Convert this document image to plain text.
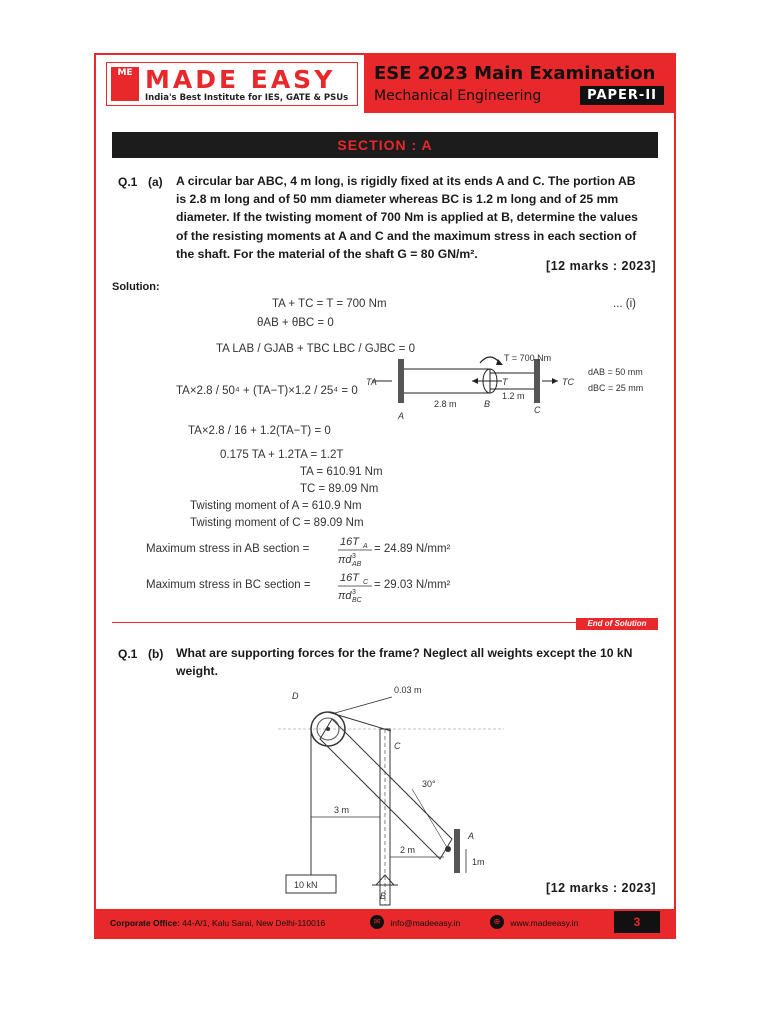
ME MADE EASY
India's Best Institute for IES, GATE & PSUs
ESE 2023 Main Examination
Mechanical Engineering	PAPER-II
SECTION : A
Q.1 (a) A circular bar ABC, 4 m long, is rigidly fixed at its ends A and C. The portion AB
is 2.8 m long and of 50 mm diameter whereas BC is 1.2 m long and of 25 mm
diameter. If the twisting moment of 700 Nm is applied at B, determine the values
of the resisting moments at A and C and the maximum stress in each section of
the shaft. For the material of the shaft G = 80 GN/m².
[12 marks : 2023]
Solution:
TA + TC = T = 700 Nm	... (i)
θAB + θBC = 0
TA LAB / GJAB + TBC LBC / GJBC = 0
TA×2.8 / 50⁴ + (TA−T)×1.2 / 25⁴ = 0
TA×2.8 / 16 + 1.2(TA−T) = 0
0.175 TA + 1.2TA = 1.2T
TA = 610.91 Nm
TC = 89.09 Nm
Twisting moment of A = 610.9 Nm
Twisting moment of C = 89.09 Nm
Maximum stress in AB section =
16T A
πd 3
AB
= 24.89 N/mm²
Maximum stress in BC section =
16T C
πd 3
BC
= 29.03 N/mm²
TA	TC
T = 700 Nm
T
2.8 m
1.2 m
A
B
C
dAB = 50 mm
dBC = 25 mm
End of Solution
Q.1 (b) What are supporting forces for the frame? Neglect all weights except the 10 kN
weight.
0.03 m
D
C
30°
3 m
2 m
A
1m
B
10 kN	[12 marks : 2023]
Corporate Office: 44-A/1, Kalu Sarai, New Delhi-110016	✉ info@madeeasy.in	⊕ www.madeeasy.in	3
